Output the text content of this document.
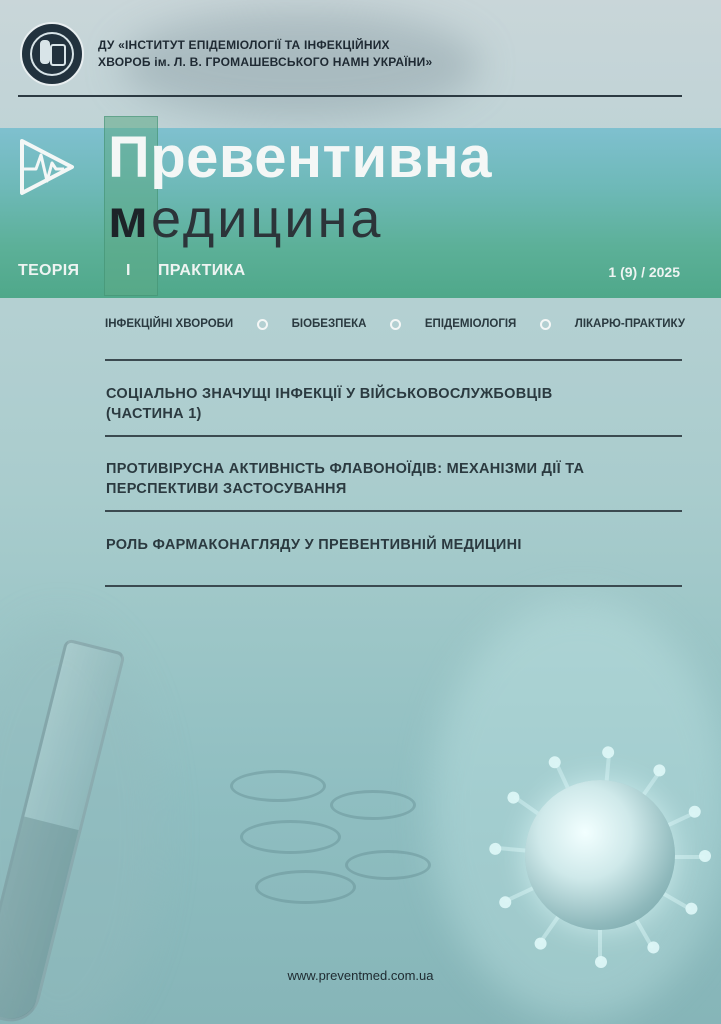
ДУ «ІНСТИТУТ ЕПІДЕМІОЛОГІЇ ТА ІНФЕКЦІЙНИХ
ХВОРОБ ім. Л. В. ГРОМАШЕВСЬКОГО НАМН УКРАЇНИ»
Превентивна
медицина
ТЕОРІЯ	І ПРАКТИКА	1 (9) / 2025
ІНФЕКЦІЙНІ ХВОРОБИ	БІОБЕЗПЕКА	ЕПІДЕМІОЛОГІЯ	ЛІКАРЮ-ПРАКТИКУ
СОЦІАЛЬНО ЗНАЧУЩІ ІНФЕКЦІЇ У ВІЙСЬКОВОСЛУЖБОВЦІВ
(ЧАСТИНА 1)
ПРОТИВІРУСНА АКТИВНІСТЬ ФЛАВОНОЇДІВ: МЕХАНІЗМИ ДІЇ ТА
ПЕРСПЕКТИВИ ЗАСТОСУВАННЯ
РОЛЬ ФАРМАКОНАГЛЯДУ У ПРЕВЕНТИВНІЙ МЕДИЦИНІ
www.preventmed.com.ua
